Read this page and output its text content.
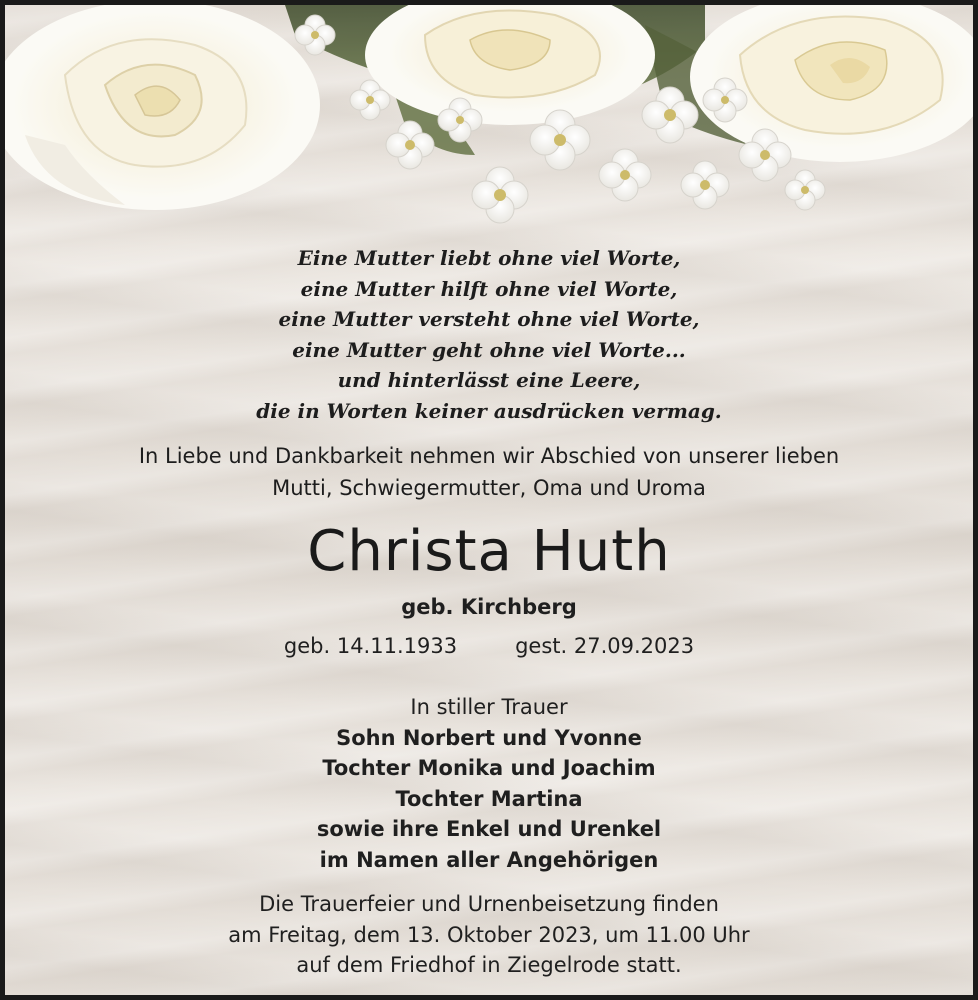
Eine Mutter liebt ohne viel Worte,
eine Mutter hilft ohne viel Worte,
eine Mutter versteht ohne viel Worte,
eine Mutter geht ohne viel Worte...
und hinterlässt eine Leere,
die in Worten keiner ausdrücken vermag.
In Liebe und Dankbarkeit nehmen wir Abschied von unserer lieben
Mutti, Schwiegermutter, Oma und Uroma
Christa Huth
geb. Kirchberg
geb. 14.11.1933	gest. 27.09.2023
In stiller Trauer
Sohn Norbert und Yvonne
Tochter Monika und Joachim
Tochter Martina
sowie ihre Enkel und Urenkel
im Namen aller Angehörigen
Die Trauerfeier und Urnenbeisetzung finden
am Freitag, dem 13. Oktober 2023, um 11.00 Uhr
auf dem Friedhof in Ziegelrode statt.
